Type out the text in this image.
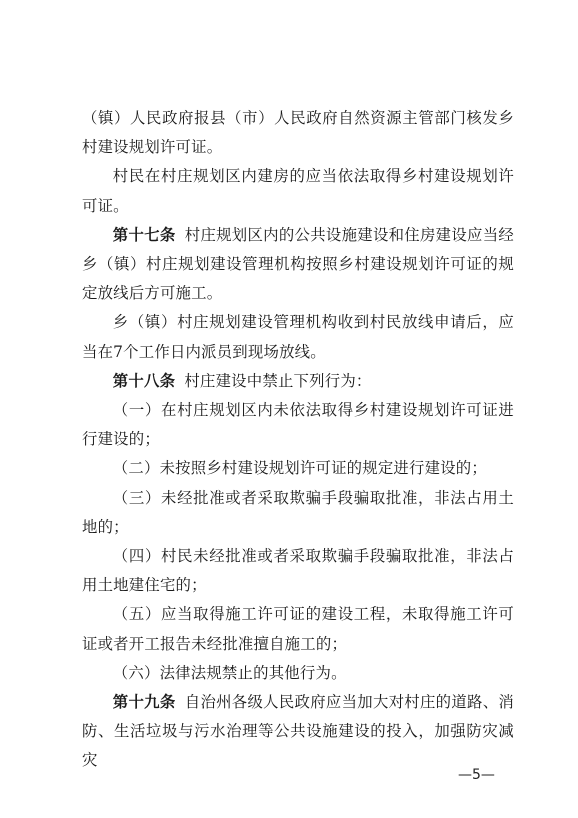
（镇）人民政府报县（市）人民政府自然资源主管部门核发乡村建设规划许可证。

村民在村庄规划区内建房的应当依法取得乡村建设规划许可证。

第十七条 村庄规划区内的公共设施建设和住房建设应当经乡（镇）村庄规划建设管理机构按照乡村建设规划许可证的规定放线后方可施工。

乡（镇）村庄规划建设管理机构收到村民放线申请后，应当在7个工作日内派员到现场放线。

第十八条 村庄建设中禁止下列行为：

（一）在村庄规划区内未依法取得乡村建设规划许可证进行建设的；

（二）未按照乡村建设规划许可证的规定进行建设的；

（三）未经批准或者采取欺骗手段骗取批准，非法占用土地的；

（四）村民未经批准或者采取欺骗手段骗取批准，非法占用土地建住宅的；

（五）应当取得施工许可证的建设工程，未取得施工许可证或者开工报告未经批准擅自施工的；

（六）法律法规禁止的其他行为。

第十九条 自治州各级人民政府应当加大对村庄的道路、消防、生活垃圾与污水治理等公共设施建设的投入，加强防灾减灾

—5—
